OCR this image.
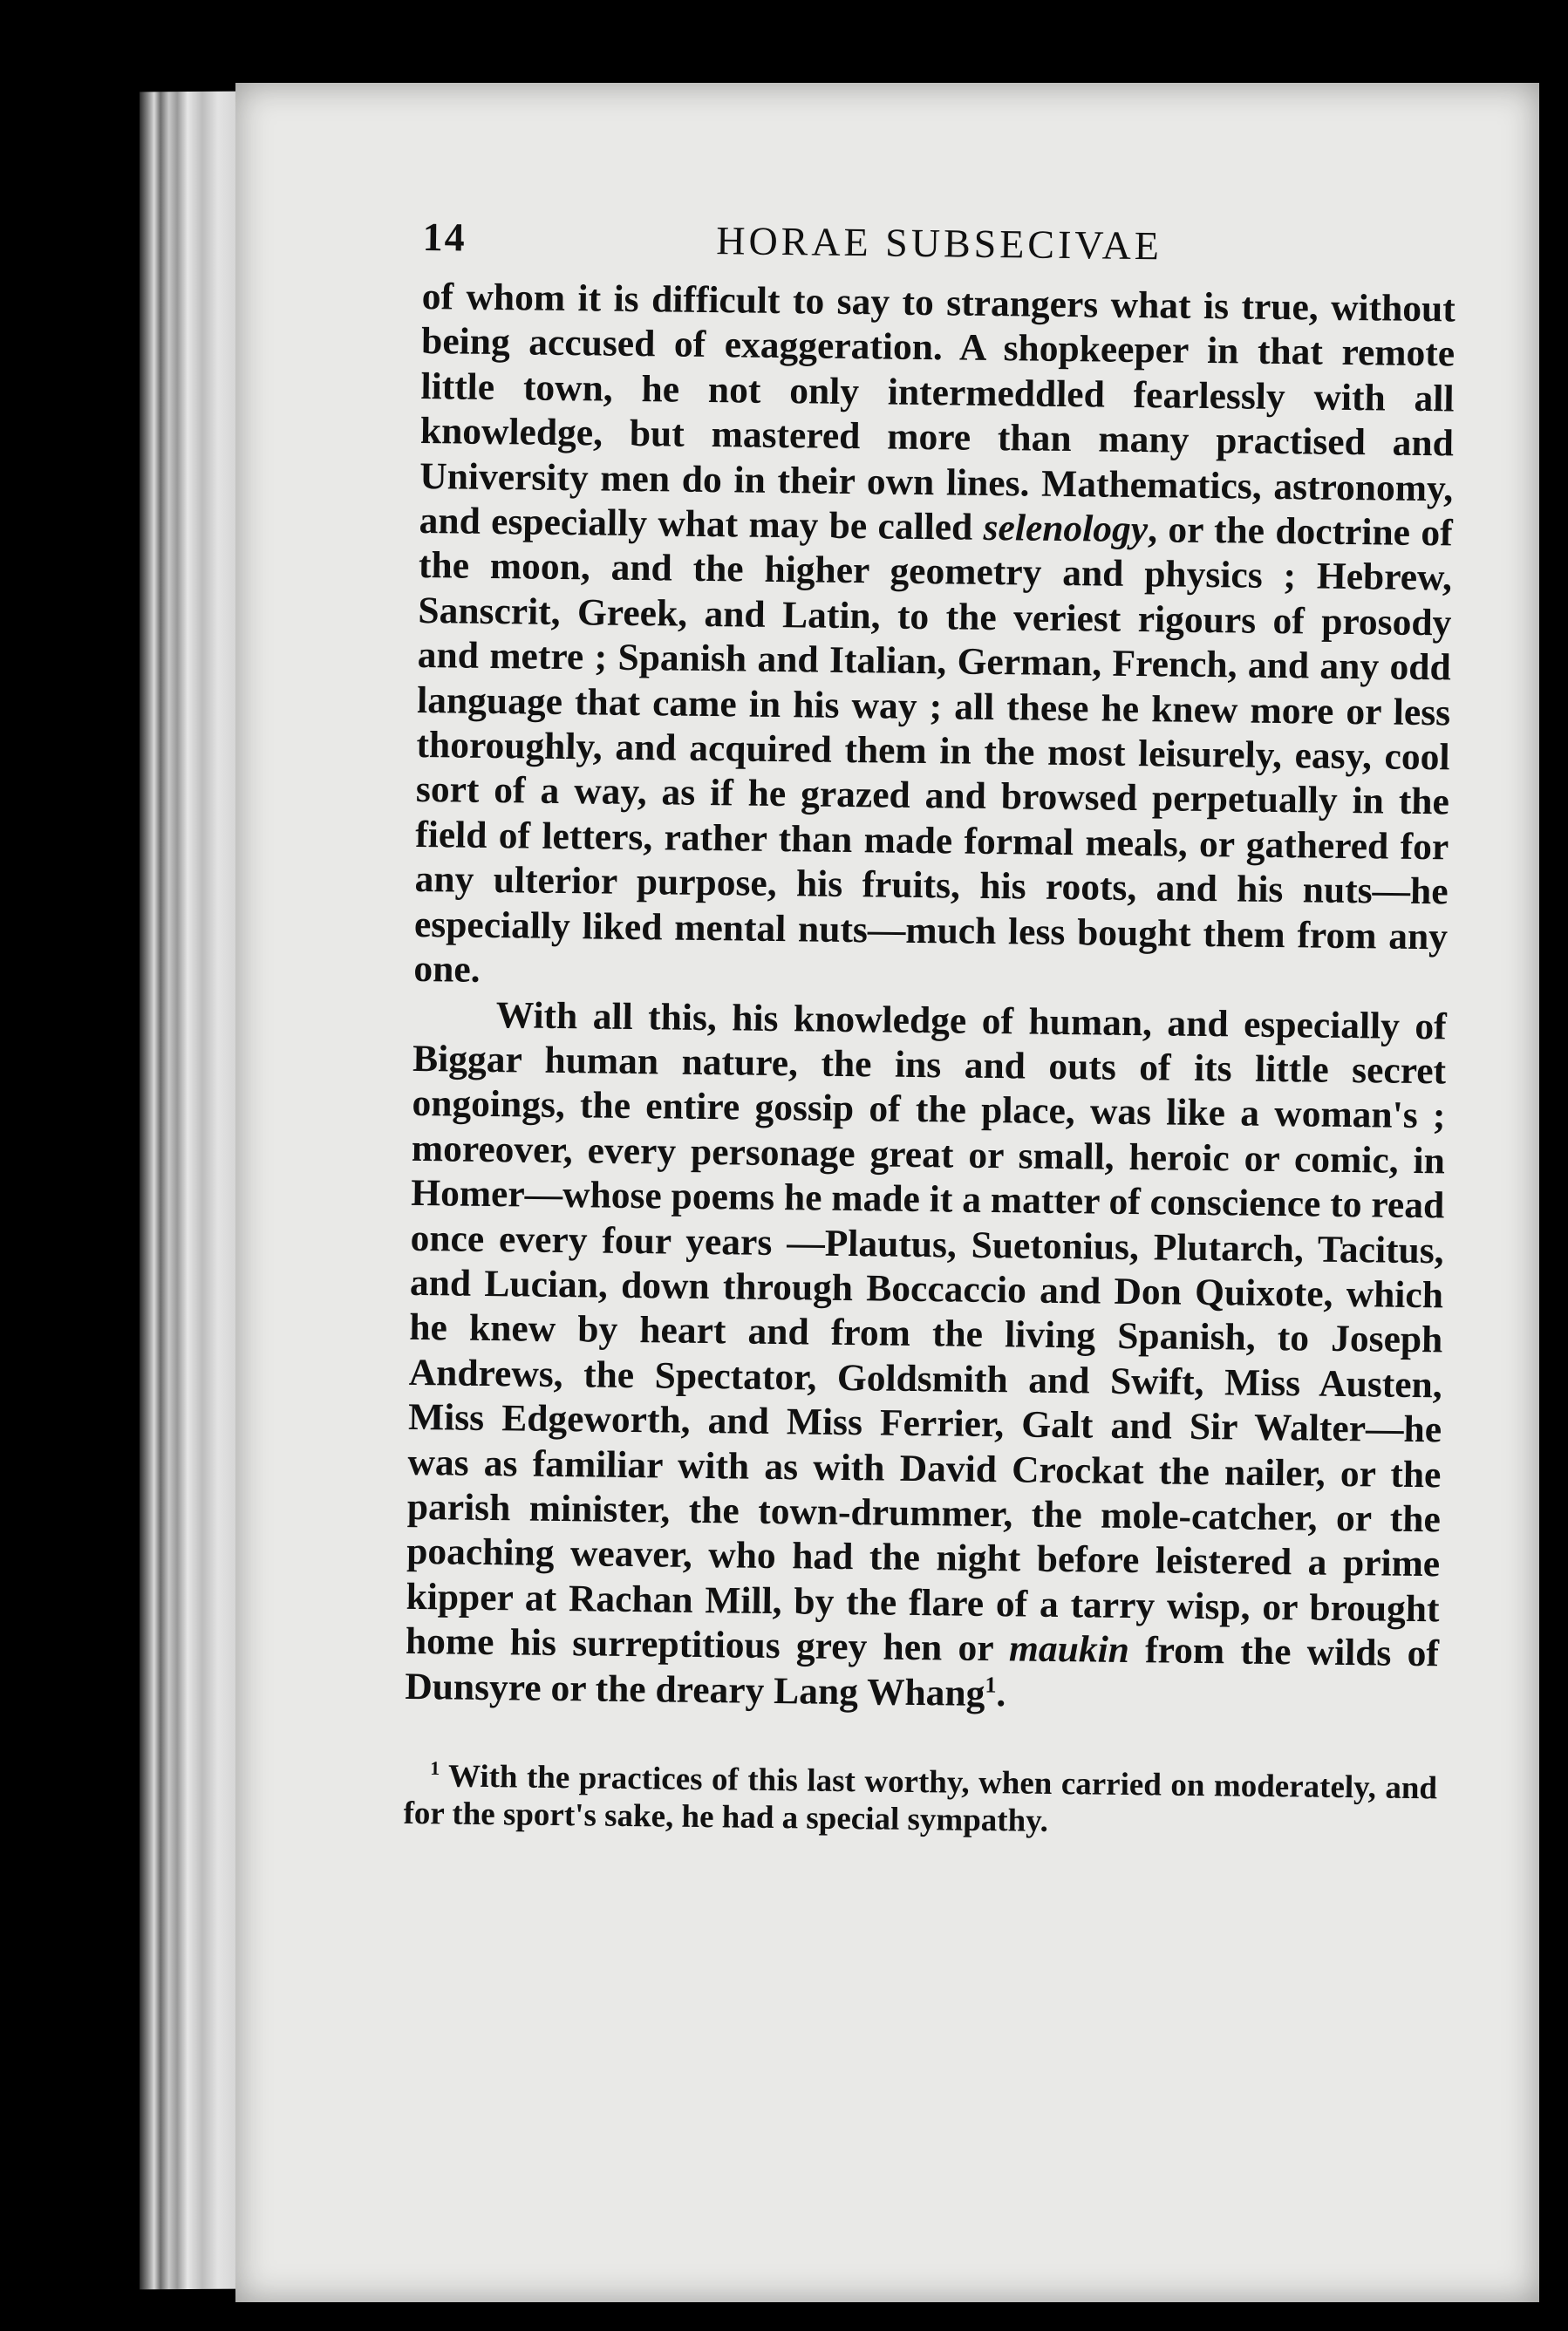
14	HORAE SUBSECIVAE

of whom it is difficult to say to strangers what is true, without being accused of exaggeration. A shopkeeper in that remote little town, he not only intermeddled fearlessly with all knowledge, but mastered more than many practised and University men do in their own lines. Mathematics, astronomy, and especially what may be called selenology, or the doctrine of the moon, and the higher geometry and physics ; Hebrew, Sanscrit, Greek, and Latin, to the veriest rigours of prosody and metre ; Spanish and Italian, German, French, and any odd language that came in his way ; all these he knew more or less thoroughly, and acquired them in the most leisurely, easy, cool sort of a way, as if he grazed and browsed perpetually in the field of letters, rather than made formal meals, or gathered for any ulterior purpose, his fruits, his roots, and his nuts—he especially liked mental nuts—much less bought them from any one.

With all this, his knowledge of human, and especially of Biggar human nature, the ins and outs of its little secret ongoings, the entire gossip of the place, was like a woman's ; moreover, every personage great or small, heroic or comic, in Homer—whose poems he made it a matter of conscience to read once every four years —Plautus, Suetonius, Plutarch, Tacitus, and Lucian, down through Boccaccio and Don Quixote, which he knew by heart and from the living Spanish, to Joseph Andrews, the Spectator, Goldsmith and Swift, Miss Austen, Miss Edgeworth, and Miss Ferrier, Galt and Sir Walter—he was as familiar with as with David Crockat the nailer, or the parish minister, the town-drummer, the mole-catcher, or the poaching weaver, who had the night before leistered a prime kipper at Rachan Mill, by the flare of a tarry wisp, or brought home his surreptitious grey hen or maukin from the wilds of Dunsyre or the dreary Lang Whang$^1$.

$^1$ With the practices of this last worthy, when carried on moderately, and for the sport's sake, he had a special sympathy.
